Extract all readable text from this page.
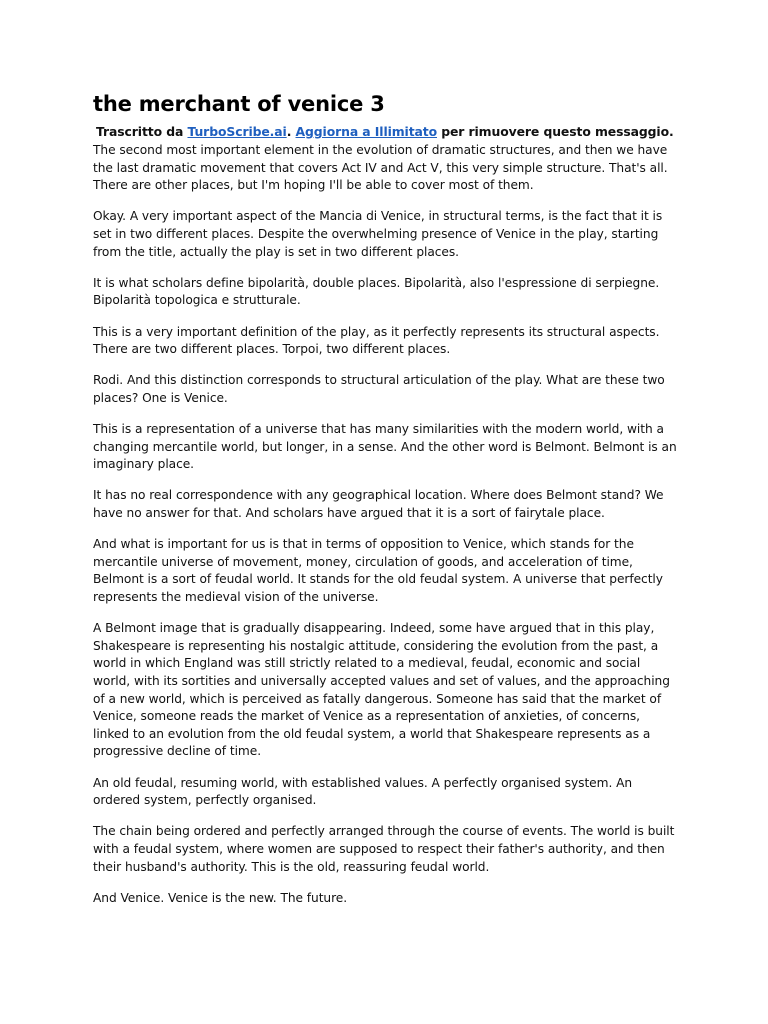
the merchant of venice 3
Trascritto da TurboScribe.ai. Aggiorna a Illimitato per rimuovere questo messaggio.

The second most important element in the evolution of dramatic structures, and then we have the last dramatic movement that covers Act IV and Act V, this very simple structure. That's all. There are other places, but I'm hoping I'll be able to cover most of them.

Okay. A very important aspect of the Mancia di Venice, in structural terms, is the fact that it is set in two different places. Despite the overwhelming presence of Venice in the play, starting from the title, actually the play is set in two different places.

It is what scholars define bipolarità, double places. Bipolarità, also l'espressione di serpiegne. Bipolarità topologica e strutturale.

This is a very important definition of the play, as it perfectly represents its structural aspects. There are two different places. Torpoi, two different places.

Rodi. And this distinction corresponds to structural articulation of the play. What are these two places? One is Venice.

This is a representation of a universe that has many similarities with the modern world, with a changing mercantile world, but longer, in a sense. And the other word is Belmont. Belmont is an imaginary place.

It has no real correspondence with any geographical location. Where does Belmont stand? We have no answer for that. And scholars have argued that it is a sort of fairytale place.

And what is important for us is that in terms of opposition to Venice, which stands for the mercantile universe of movement, money, circulation of goods, and acceleration of time, Belmont is a sort of feudal world. It stands for the old feudal system. A universe that perfectly represents the medieval vision of the universe.

A Belmont image that is gradually disappearing. Indeed, some have argued that in this play, Shakespeare is representing his nostalgic attitude, considering the evolution from the past, a world in which England was still strictly related to a medieval, feudal, economic and social world, with its sortities and universally accepted values and set of values, and the approaching of a new world, which is perceived as fatally dangerous. Someone has said that the market of Venice, someone reads the market of Venice as a representation of anxieties, of concerns, linked to an evolution from the old feudal system, a world that Shakespeare represents as a progressive decline of time.

An old feudal, resuming world, with established values. A perfectly organised system. An ordered system, perfectly organised.

The chain being ordered and perfectly arranged through the course of events. The world is built with a feudal system, where women are supposed to respect their father's authority, and then their husband's authority. This is the old, reassuring feudal world.

And Venice. Venice is the new. The future.
